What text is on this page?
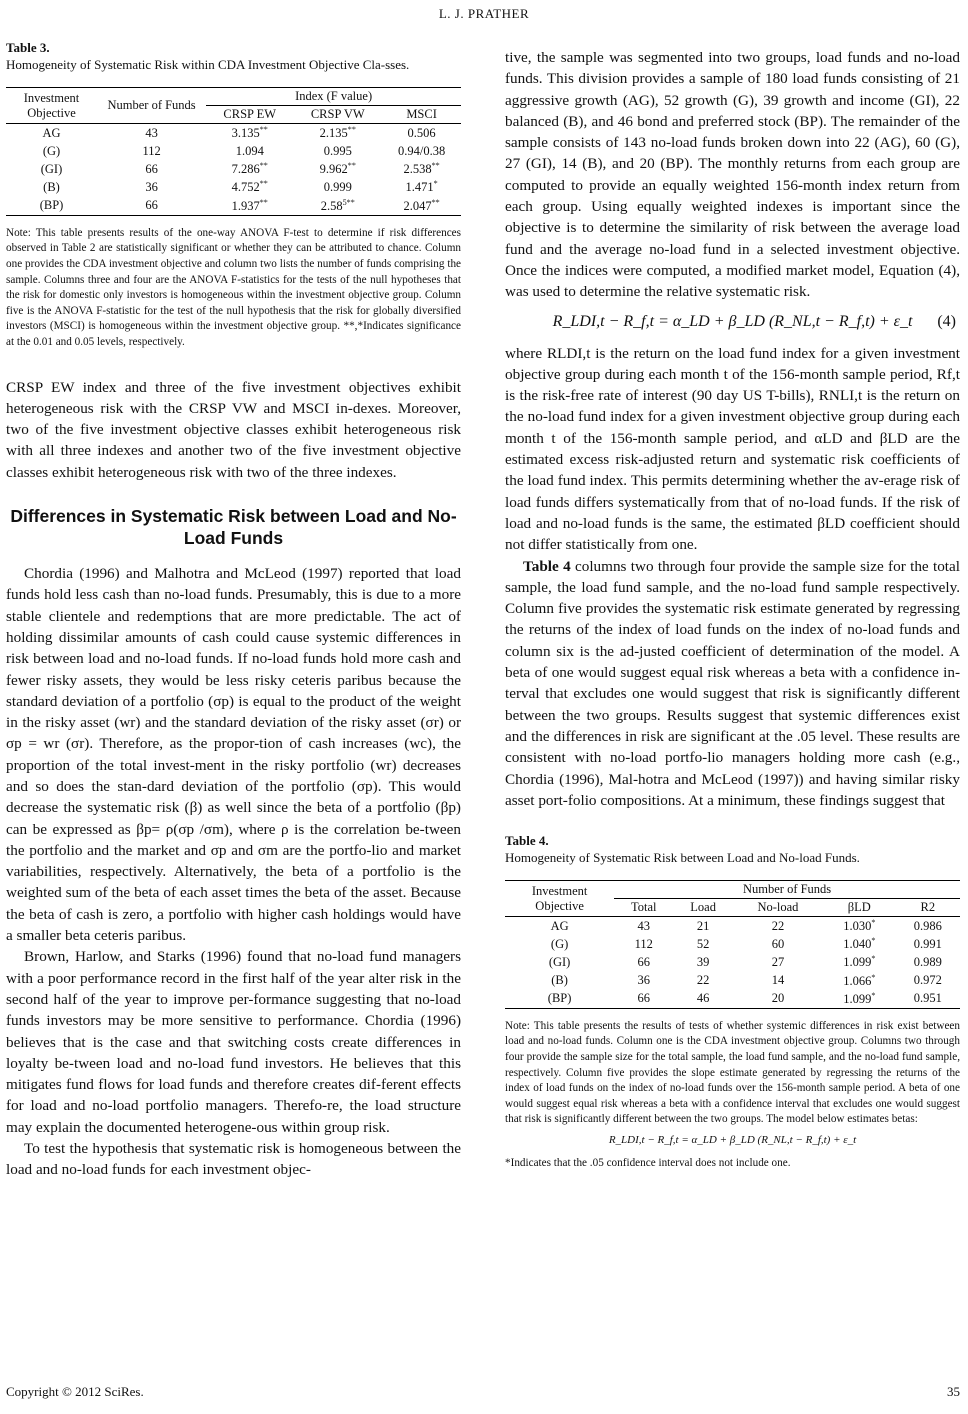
L. J. PRATHER

Table 3.

Homogeneity of Systematic Risk within CDA Investment Objective Cla-sses.

Investment Objective	Number of Funds	Index (F value)		
		CRSP EW	CRSP VW	MSCI
AG	43	3.135**	2.135**	0.506
(G)	112	1.094	0.995	0.94/0.38
(GI)	66	7.286**	9.962**	2.538**
(B)	36	4.752**	0.999	1.471*
(BP)	66	1.937**	$2.58^{5**}$	2.047**

Note: This table presents results of the one-way ANOVA F-test to determine if risk differences observed in Table 2 are statistically significant or whether they can be attributed to chance. Column one provides the CDA investment objective and column two lists the number of funds comprising the sample. Columns three and four are the ANOVA F-statistics for the tests of the null hypotheses that the risk for domestic only investors is homogeneous within the investment objective group. Column five is the ANOVA F-statistic for the test of the null hypothesis that the risk for globally diversified investors (MSCI) is homogeneous within the investment objective group. **,*Indicates significance at the 0.01 and 0.05 levels, respectively.

CRSP EW index and three of the five investment objectives exhibit heterogeneous risk with the CRSP VW and MSCI in-dexes. Moreover, two of the five investment objective classes exhibit heterogeneous risk with all three indexes and another two of the five investment objective classes exhibit heterogeneous risk with two of the three indexes.

Differences in Systematic Risk between Load and No-Load Funds

Chordia (1996) and Malhotra and McLeod (1997) reported that load funds hold less cash than no-load funds. Presumably, this is due to a more stable clientele and redemptions that are more predictable. The act of holding dissimilar amounts of cash could cause systemic differences in risk between load and no-load funds. If no-load funds hold more cash and fewer risky assets, they would be less risky ceteris paribus because the standard deviation of a portfolio (σp) is equal to the product of the weight in the risky asset (wr) and the standard deviation of the risky asset (σr) or σp = wr (σr). Therefore, as the propor-tion of cash increases (wc), the proportion of the total invest-ment in the risky portfolio (wr) decreases and so does the stan-dard deviation of the portfolio (σp). This would decrease the systematic risk (β) as well since the beta of a portfolio (βp) can be expressed as βp= ρ(σp /σm), where ρ is the correlation be-tween the portfolio and the market and σp and σm are the portfo-lio and market variabilities, respectively. Alternatively, the beta of a portfolio is the weighted sum of the beta of each asset times the beta of the asset. Because the beta of cash is zero, a portfolio with higher cash holdings would have a smaller beta ceteris paribus.

Brown, Harlow, and Starks (1996) found that no-load fund managers with a poor performance record in the first half of the year alter risk in the second half of the year to improve per-formance suggesting that no-load funds investors may be more sensitive to performance. Chordia (1996) believes that is the case and that switching costs create differences in loyalty be-tween load and no-load fund investors. He believes that this mitigates fund flows for load funds and therefore creates dif-ferent effects for load and no-load portfolio managers. Therefo-re, the load structure may explain the documented heterogene-ous within group risk.

To test the hypothesis that systematic risk is homogeneous between the load and no-load funds for each investment objec-

tive, the sample was segmented into two groups, load funds and no-load funds. This division provides a sample of 180 load funds consisting of 21 aggressive growth (AG), 52 growth (G), 39 growth and income (GI), 22 balanced (B), and 46 bond and preferred stock (BP). The remainder of the sample consists of 143 no-load funds broken down into 22 (AG), 60 (G), 27 (GI), 14 (B), and 20 (BP). The monthly returns from each group are computed to provide an equally weighted 156-month index return from each group. Using equally weighted indexes is important since the objective is to determine the similarity of risk between the average load fund and the average no-load fund in a selected investment objective. Once the indices were computed, a modified market model, Equation (4), was used to determine the relative systematic risk.

R_LDI,t − R_f,t = α_LD + β_LD (R_NL,t − R_f,t) + ε_t (4)

where RLDI,t is the return on the load fund index for a given investment objective group during each month t of the 156-month sample period, Rf,t is the risk-free rate of interest (90 day US T-bills), RNLI,t is the return on the no-load fund index for a given investment objective group during each month t of the 156-month sample period, and αLD and βLD are the estimated excess risk-adjusted return and systematic risk coefficients of the load fund index. This permits determining whether the av-erage risk of load funds differs systematically from that of no-load funds. If the risk of load and no-load funds is the same, the estimated βLD coefficient should not differ statistically from one.

Table 4 columns two through four provide the sample size for the total sample, the load fund sample, and the no-load fund sample respectively. Column five provides the systematic risk estimate generated by regressing the returns of the index of load funds on the index of no-load funds and column six is the ad-justed coefficient of determination of the model. A beta of one would suggest equal risk whereas a beta with a confidence in-terval that excludes one would suggest that risk is significantly different between the two groups. Results suggest that systemic differences exist and the differences in risk are significant at the .05 level. These results are consistent with no-load portfo-lio managers holding more cash (e.g., Chordia (1996), Mal-hotra and McLeod (1997)) and having similar risky asset port-folio compositions. At a minimum, these findings suggest that

Table 4.

Homogeneity of Systematic Risk between Load and No-load Funds.

Investment Objective	Number of Funds				
	Total	Load	No-load	βLD	R2
AG	43	21	22	1.030*	0.986
(G)	112	52	60	1.040*	0.991
(GI)	66	39	27	1.099*	0.989
(B)	36	22	14	1.066*	0.972
(BP)	66	46	20	1.099*	0.951

Note: This table presents the results of tests of whether systemic differences in risk exist between load and no-load funds. Column one is the CDA investment objective group. Columns two through four provide the sample size for the total sample, the load fund sample, and the no-load fund sample, respectively. Column five provides the slope estimate generated by regressing the returns of the index of load funds on the index of no-load funds over the 156-month sample period. A beta of one would suggest equal risk whereas a beta with a confidence interval that excludes one would suggest that risk is significantly different between the two groups. The model below estimates betas:

R_LDI,t − R_f,t = α_LD + β_LD (R_NL,t − R_f,t) + ε_t

*Indicates that the .05 confidence interval does not include one.

Copyright © 2012 SciRes.	35
